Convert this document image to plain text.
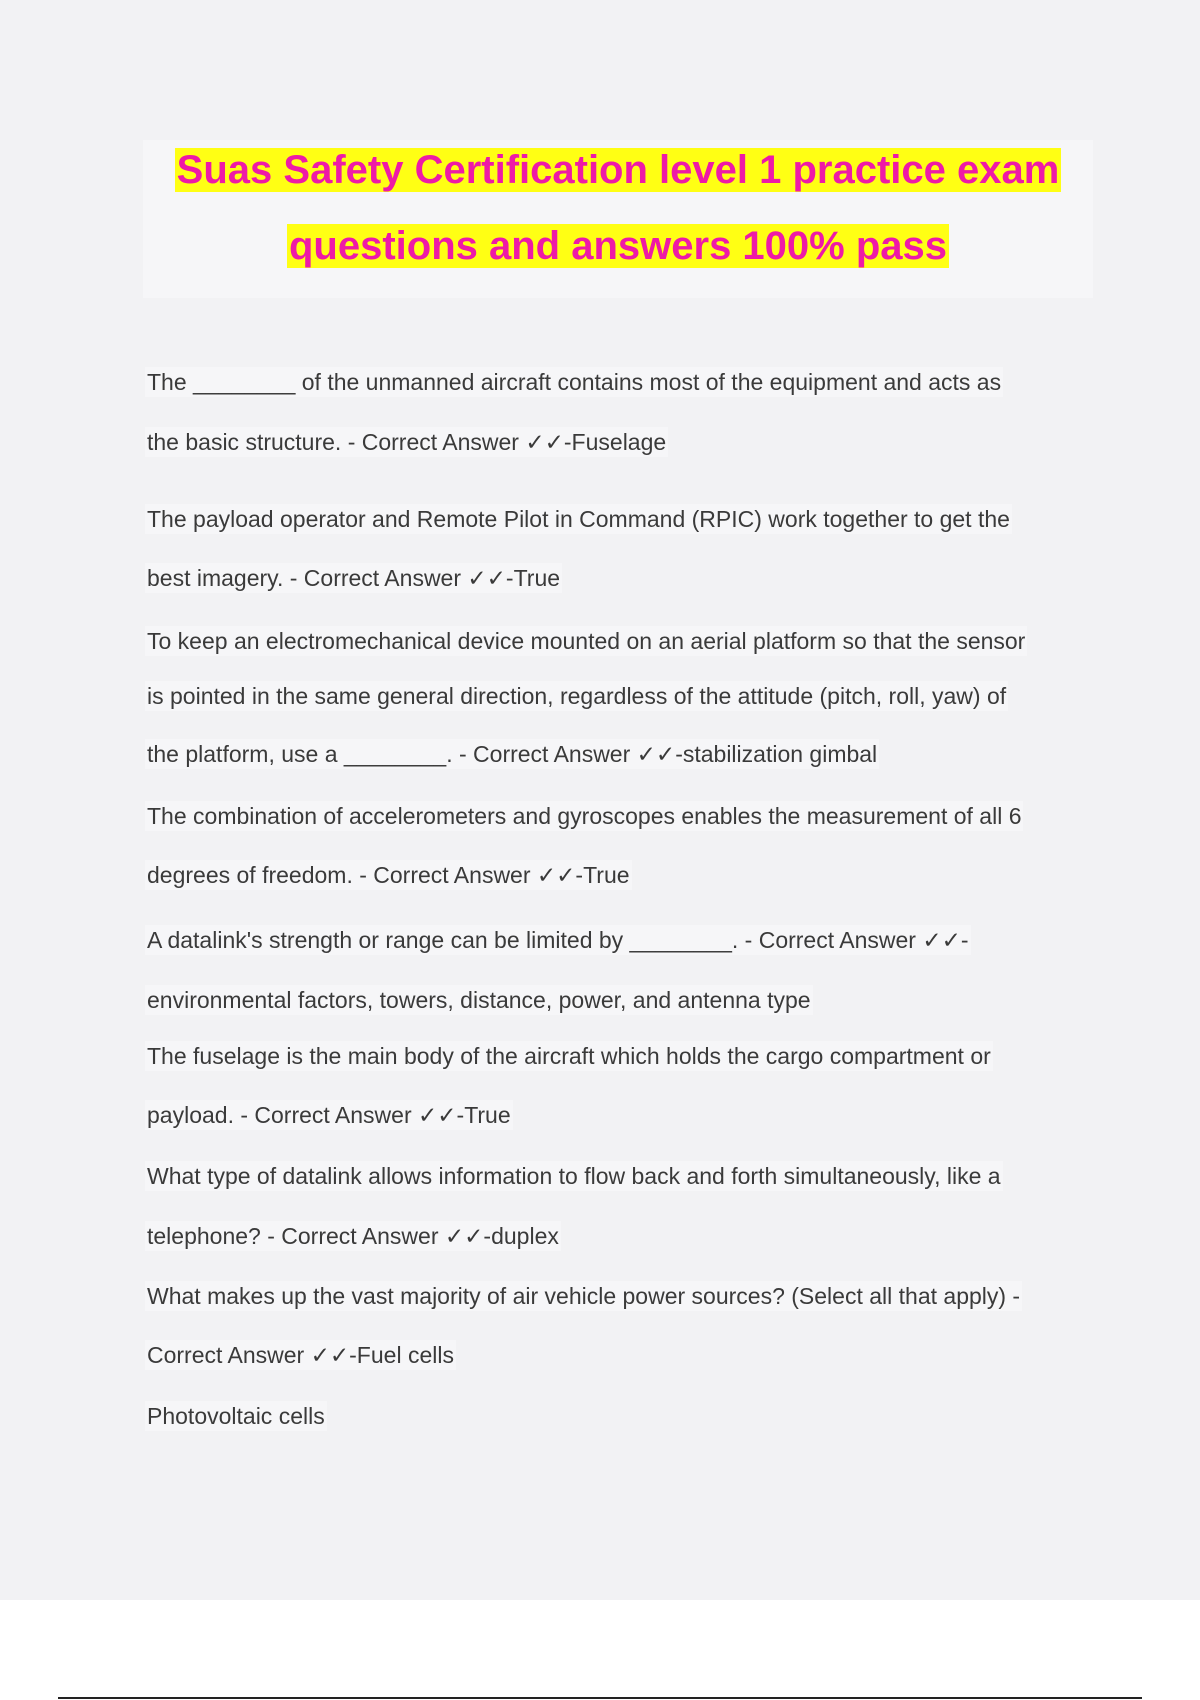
Suas Safety Certification level 1 practice exam
questions and answers 100% pass
The ________ of the unmanned aircraft contains most of the equipment and acts as
the basic structure. - Correct Answer ✓✓-Fuselage
The payload operator and Remote Pilot in Command (RPIC) work together to get the
best imagery. - Correct Answer ✓✓-True
To keep an electromechanical device mounted on an aerial platform so that the sensor
is pointed in the same general direction, regardless of the attitude (pitch, roll, yaw) of
the platform, use a ________. - Correct Answer ✓✓-stabilization gimbal
The combination of accelerometers and gyroscopes enables the measurement of all 6
degrees of freedom. - Correct Answer ✓✓-True
A datalink's strength or range can be limited by ________. - Correct Answer ✓✓-
environmental factors, towers, distance, power, and antenna type
The fuselage is the main body of the aircraft which holds the cargo compartment or
payload. - Correct Answer ✓✓-True
What type of datalink allows information to flow back and forth simultaneously, like a
telephone? - Correct Answer ✓✓-duplex
What makes up the vast majority of air vehicle power sources? (Select all that apply) -
Correct Answer ✓✓-Fuel cells
Photovoltaic cells
